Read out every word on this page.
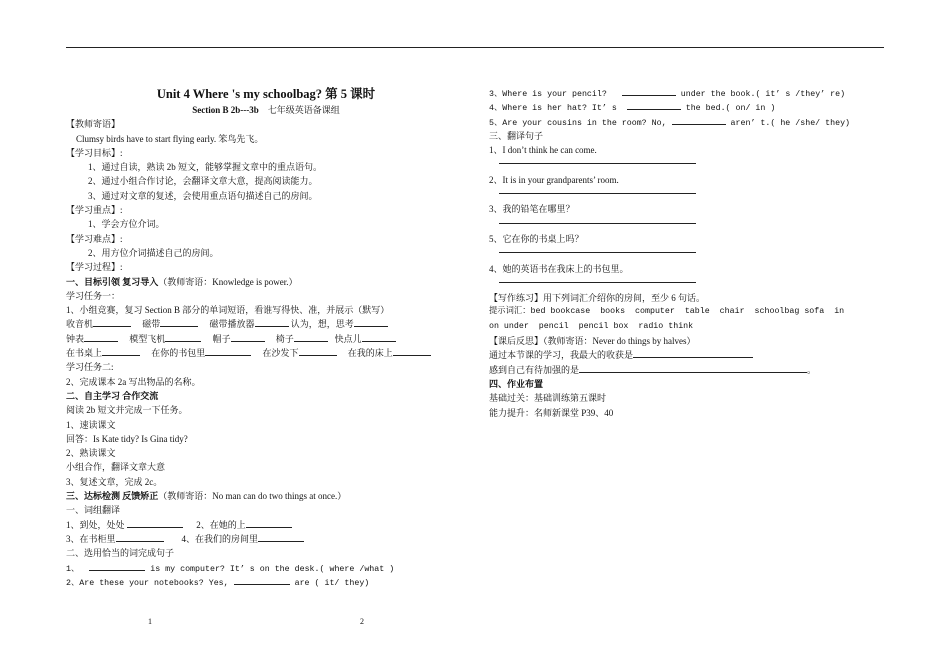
Unit 4 Where 's my schoolbag? 第 5 课时
Section B 2b---3b    七年级英语备课组
【教师寄语】
Clumsy birds have to start flying early. 笨鸟先飞。
【学习目标】:
1、通过自读，熟读 2b 短文，能够掌握文章中的重点语句。
2、通过小组合作讨论，会翻译文章大意，提高阅读能力。
3、通过对文章的复述，会使用重点语句描述自己的房间。
【学习重点】:
1、学会方位介词。
【学习难点】:
2、用方位介词描述自己的房间。
【学习过程】:
一、目标引领 复习导入（教师寄语：Knowledge is power.）
学习任务一：
1、小组竞赛，复习 Section B 部分的单词短语，看谁写得快、准，并展示（默写）
收音机	磁带	磁带播放器	认为，想，思考
钟表	模型飞机	帽子	椅子	快点儿
在书桌上	在你的书包里	在沙发下	在我的床上
学习任务二:
2、完成课本 2a 写出物品的名称。
二、自主学习 合作交流
阅读 2b 短文并完成一下任务。
1、速读课文
回答：Is Kate tidy? Is Gina tidy?
2、熟读课文
小组合作，翻译文章大意
3、复述文章，完成 2c。
三、达标检测 反馈矫正（教师寄语：No man can do two things at once.）
一、词组翻译
1、到处，处处	2、在她的上
3、在书柜里	4、在我们的房间里
二、选用恰当的词完成句子
1、	is my computer? It’ s on the desk.( where /what )
2、Are these your notebooks? Yes,	are ( it/ they)
3、Where is your pencil?	under the book.( it’ s /they’ re)
4、Where is her hat? It’ s	the bed.( on/ in )
5、Are your cousins in the room? No,	aren’ t.( he /she/ they)
三、翻译句子
1、I don’t think he can come.
2、It is in your grandparents’ room.
3、我的铅笔在哪里？
5、它在你的书桌上吗？
4、她的英语书在我床上的书包里。
【写作练习】用下列词汇介绍你的房间，至少 6 句话。
提示词汇：bed bookcase  books  computer  table  chair  schoolbag sofa  in
on under  pencil  pencil box  radio think
【课后反思】（教师寄语：Never do things by halves）
通过本节课的学习，我最大的收获是
感到自己有待加强的是	。
四、作业布置
基础过关：基础训练第五课时
能力提升：名师新课堂 P39、40
1	2
